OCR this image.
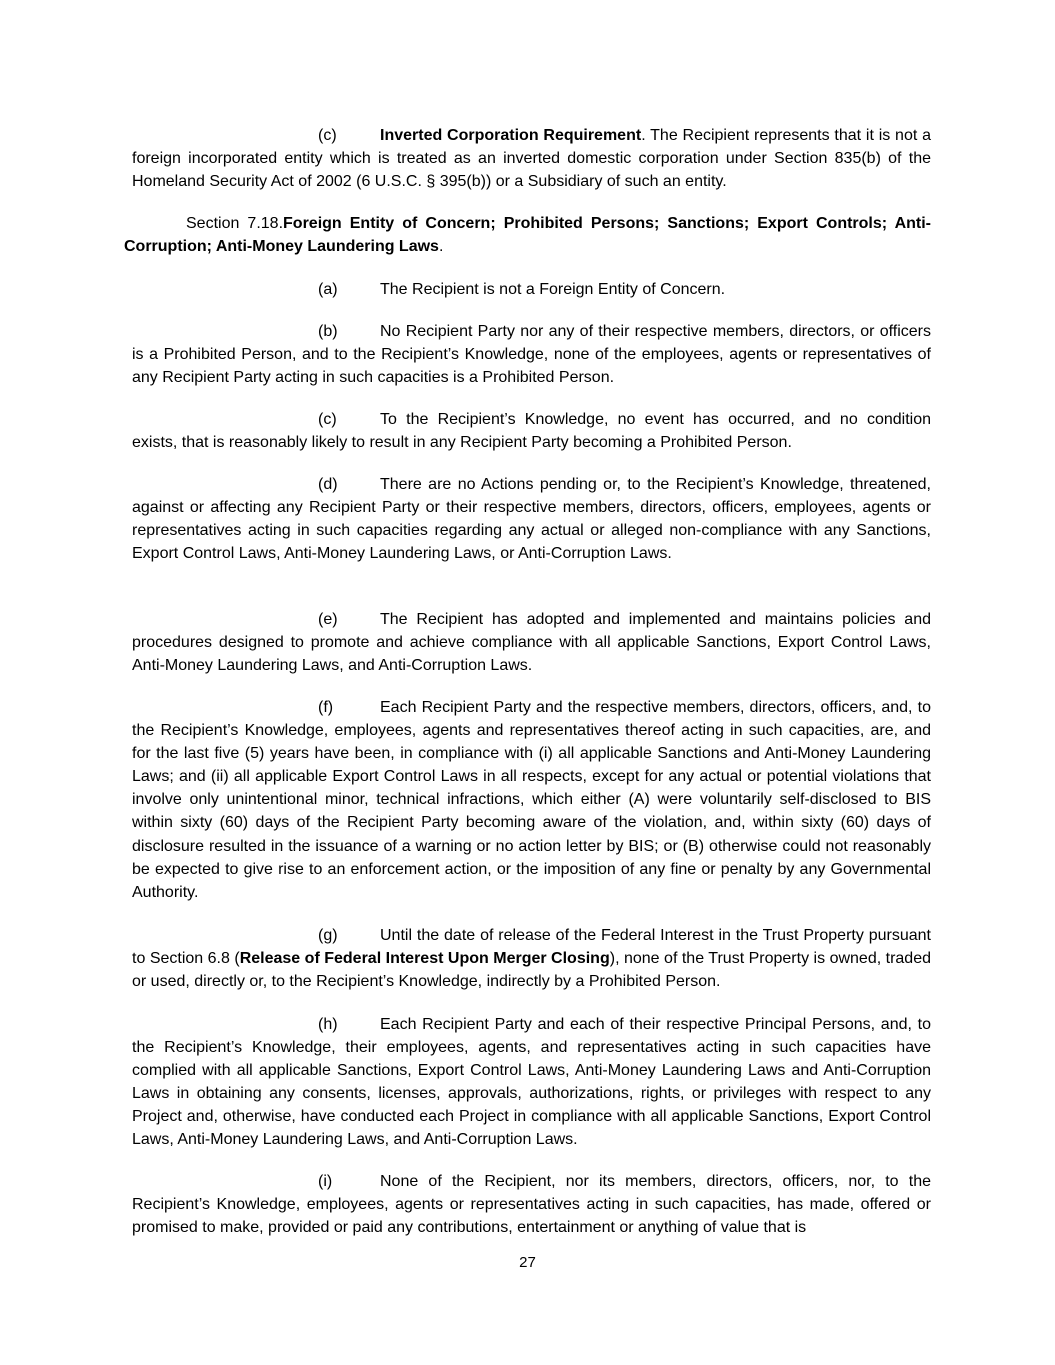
(c)	Inverted Corporation Requirement. The Recipient represents that it is not a foreign incorporated entity which is treated as an inverted domestic corporation under Section 835(b) of the Homeland Security Act of 2002 (6 U.S.C. § 395(b)) or a Subsidiary of such an entity.

Section 7.18.Foreign Entity of Concern; Prohibited Persons; Sanctions; Export Controls; Anti-Corruption; Anti-Money Laundering Laws.

(a)	The Recipient is not a Foreign Entity of Concern.

(b)	No Recipient Party nor any of their respective members, directors, or officers is a Prohibited Person, and to the Recipient’s Knowledge, none of the employees, agents or representatives of any Recipient Party acting in such capacities is a Prohibited Person.

(c)	To the Recipient’s Knowledge, no event has occurred, and no condition exists, that is reasonably likely to result in any Recipient Party becoming a Prohibited Person.

(d)	There are no Actions pending or, to the Recipient’s Knowledge, threatened, against or affecting any Recipient Party or their respective members, directors, officers, employees, agents or representatives acting in such capacities regarding any actual or alleged non-compliance with any Sanctions, Export Control Laws, Anti-Money Laundering Laws, or Anti-Corruption Laws.

(e)	The Recipient has adopted and implemented and maintains policies and procedures designed to promote and achieve compliance with all applicable Sanctions, Export Control Laws, Anti-Money Laundering Laws, and Anti-Corruption Laws.

(f)	Each Recipient Party and the respective members, directors, officers, and, to the Recipient’s Knowledge, employees, agents and representatives thereof acting in such capacities, are, and for the last five (5) years have been, in compliance with (i) all applicable Sanctions and Anti-Money Laundering Laws; and (ii) all applicable Export Control Laws in all respects, except for any actual or potential violations that involve only unintentional minor, technical infractions, which either (A) were voluntarily self-disclosed to BIS within sixty (60) days of the Recipient Party becoming aware of the violation, and, within sixty (60) days of disclosure resulted in the issuance of a warning or no action letter by BIS; or (B) otherwise could not reasonably be expected to give rise to an enforcement action, or the imposition of any fine or penalty by any Governmental Authority.

(g)	Until the date of release of the Federal Interest in the Trust Property pursuant to Section 6.8 (Release of Federal Interest Upon Merger Closing), none of the Trust Property is owned, traded or used, directly or, to the Recipient’s Knowledge, indirectly by a Prohibited Person.

(h)	Each Recipient Party and each of their respective Principal Persons, and, to the Recipient’s Knowledge, their employees, agents, and representatives acting in such capacities have complied with all applicable Sanctions, Export Control Laws, Anti-Money Laundering Laws and Anti-Corruption Laws in obtaining any consents, licenses, approvals, authorizations, rights, or privileges with respect to any Project and, otherwise, have conducted each Project in compliance with all applicable Sanctions, Export Control Laws, Anti-Money Laundering Laws, and Anti-Corruption Laws.

(i)	None of the Recipient, nor its members, directors, officers, nor, to the Recipient’s Knowledge, employees, agents or representatives acting in such capacities, has made, offered or promised to make, provided or paid any contributions, entertainment or anything of value that is

27
